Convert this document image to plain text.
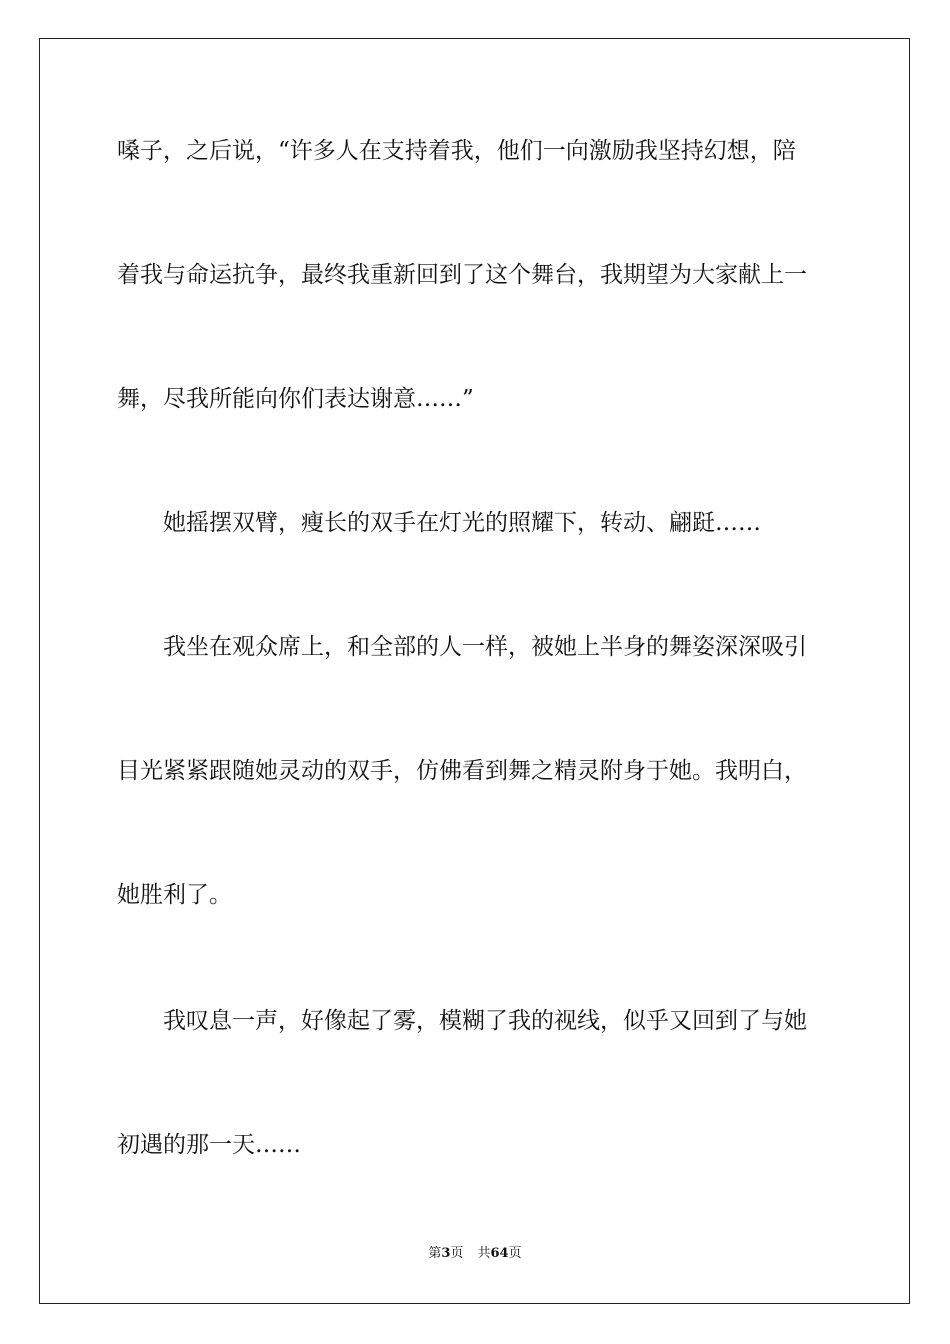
嗓子，之后说，“许多人在支持着我，他们一向激励我坚持幻想，陪

着我与命运抗争，最终我重新回到了这个舞台，我期望为大家献上一

舞，尽我所能向你们表达谢意……”

她摇摆双臂，瘦长的双手在灯光的照耀下，转动、翩跹……

我坐在观众席上，和全部的人一样，被她上半身的舞姿深深吸引

目光紧紧跟随她灵动的双手，仿佛看到舞之精灵附身于她。我明白，

她胜利了。

我叹息一声，好像起了雾，模糊了我的视线，似乎又回到了与她

初遇的那一天……

第3页 共64页
